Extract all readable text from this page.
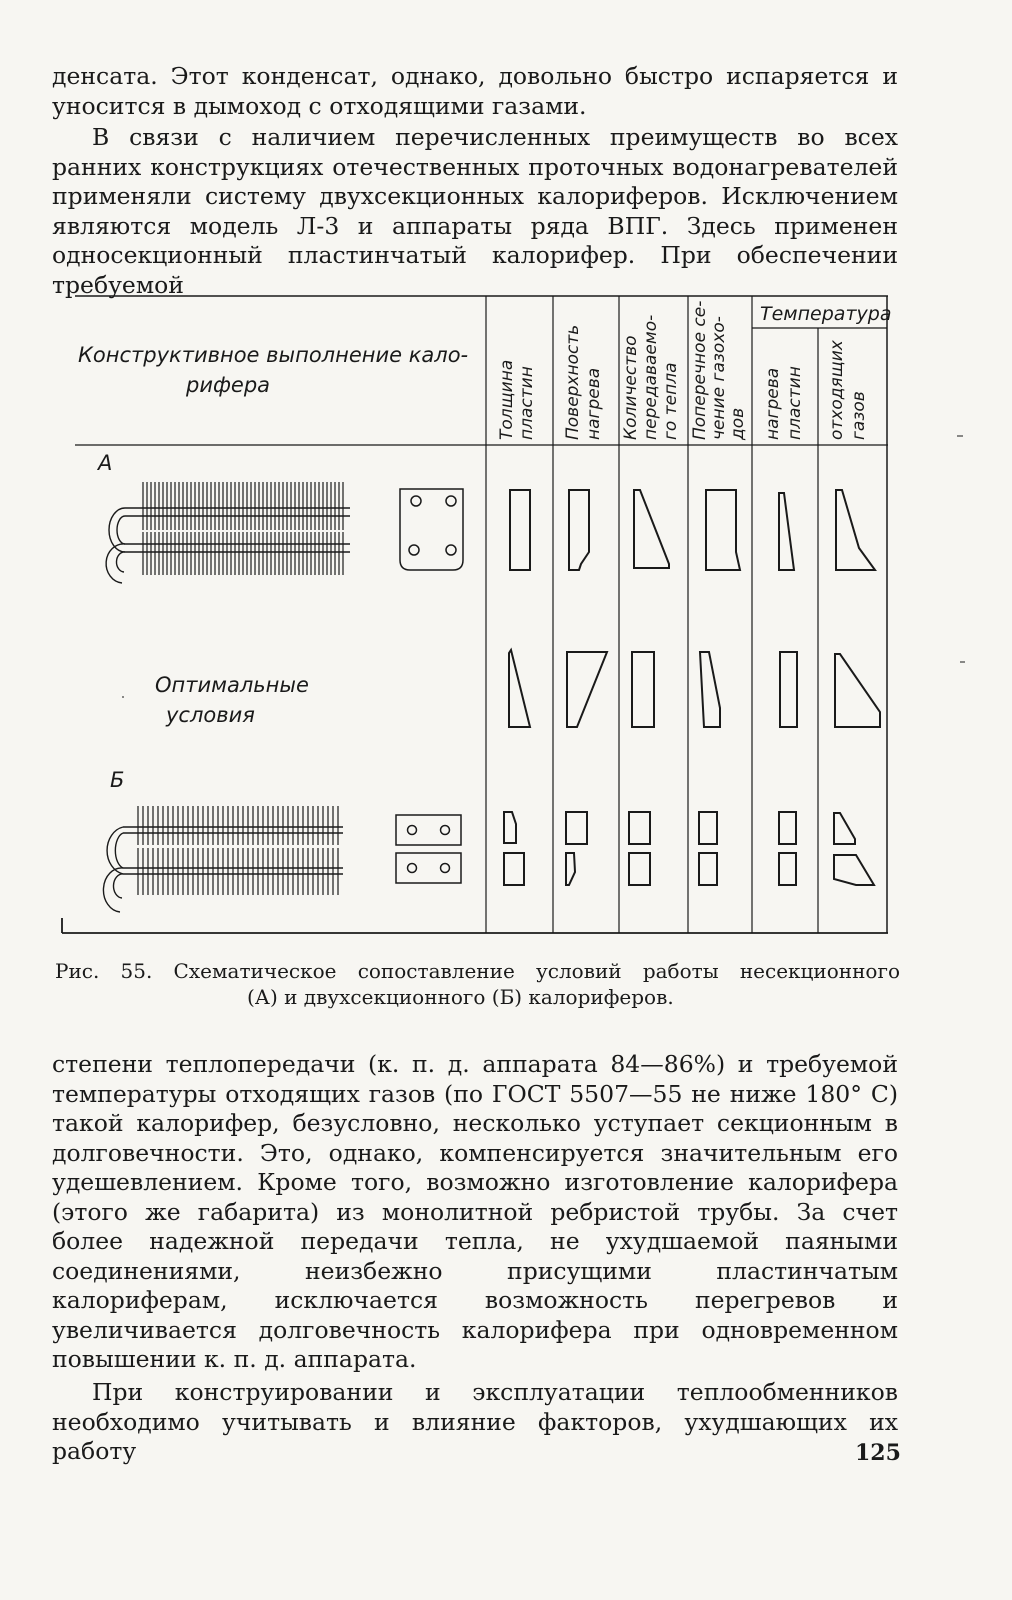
денсата. Этот конденсат, однако, довольно быстро испаряется и уносится в дымоход с отходящими газами.

В связи с наличием перечисленных преимуществ во всех ранних конструкциях отечественных проточных водонагревателей применяли систему двухсекционных калориферов. Исключением являются модель Л-3 и аппараты ряда ВПГ. Здесь применен односекционный пластинчатый калорифер. При обеспечении требуемой

Конструктивное выполнение кало-
рифера
Температура
Толщина пластин Поверхность нагрева Количество передаваемо- го тепла Поперечное се- чение газохо- дов нагрева пластин отходящих газов
А
Б
Оптимальные
условия

Рис. 55. Схематическое сопоставление условий работы несекционного
(А) и двухсекционного (Б) калориферов.

степени теплопередачи (к. п. д. аппарата 84—86%) и требуемой температуры отходящих газов (по ГОСТ 5507—55 не ниже 180° С) такой калорифер, безусловно, несколько уступает секционным в долговечности. Это, однако, компенсируется значительным его удешевлением. Кроме того, возможно изготовление калорифера (этого же габарита) из монолитной ребристой трубы. За счет более надежной передачи тепла, не ухудшаемой паяными соединениями, неизбежно присущими пластинчатым калориферам, исключается возможность перегревов и увеличивается долговечность калорифера при одновременном повышении к. п. д. аппарата.

При конструировании и эксплуатации теплообменников необходимо учитывать и влияние факторов, ухудшающих их работу	125
